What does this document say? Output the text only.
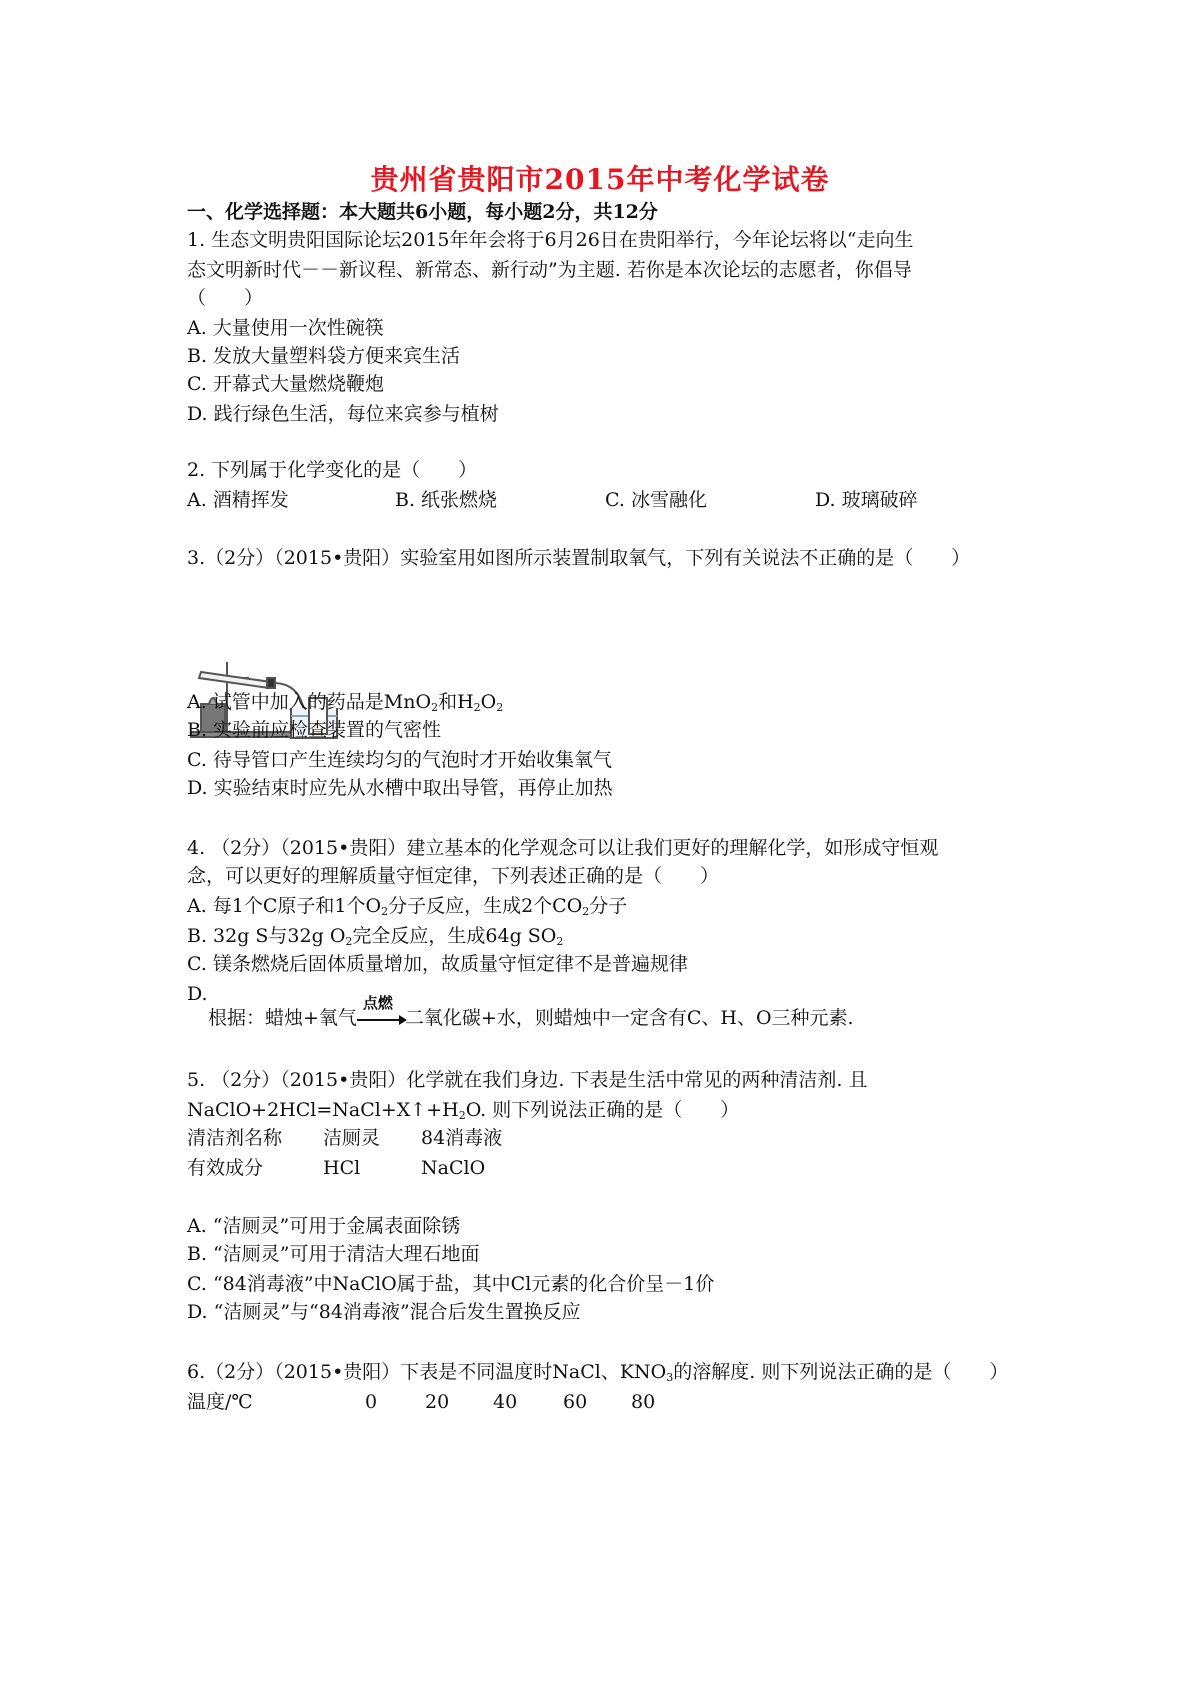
贵州省贵阳市2015年中考化学试卷
一、化学选择题：本大题共6小题，每小题2分，共12分
1. 生态文明贵阳国际论坛2015年年会将于6月26日在贵阳举行，今年论坛将以“走向生
态文明新时代－－新议程、新常态、新行动”为主题. 若你是本次论坛的志愿者，你倡导
（　　）
A. 大量使用一次性碗筷
B. 发放大量塑料袋方便来宾生活
C. 开幕式大量燃烧鞭炮
D. 践行绿色生活，每位来宾参与植树
2. 下列属于化学变化的是（　　）
A. 酒精挥发	B. 纸张燃烧	C. 冰雪融化	D. 玻璃破碎
3.（2分）（2015•贵阳）实验室用如图所示装置制取氧气，下列有关说法不正确的是（　　）
A. 试管中加入的药品是MnO$_2$和$H_2O_2$
B. 实验前应检查装置的气密性
C. 待导管口产生连续均匀的气泡时才开始收集氧气
D. 实验结束时应先从水槽中取出导管，再停止加热
4. （2分）（2015•贵阳）建立基本的化学观念可以让我们更好的理解化学，如形成守恒观
念，可以更好的理解质量守恒定律，下列表述正确的是（　　）
A. 每1个C原子和1个$O_2$分子反应，生成2个$CO_2$分子
B. 32g S与32g $O_2$完全反应，生成64g $SO_2$
C. 镁条燃烧后固体质量增加，故质量守恒定律不是普遍规律
D.
根据：蜡烛+氧气
点燃
二氧化碳+水，则蜡烛中一定含有C、H、O三种元素.
5. （2分）（2015•贵阳）化学就在我们身边. 下表是生活中常见的两种清洁剂. 且
$NaClO+2HCl=NaCl+X↑+H_2O$. 则下列说法正确的是（　　）
清洁剂名称 洁厕灵 84消毒液
有效成分	HCl	NaClO
A. “洁厕灵”可用于金属表面除锈
B. “洁厕灵”可用于清洁大理石地面
C. “84消毒液”中NaClO属于盐，其中Cl元素的化合价呈－1价
D. “洁厕灵”与“84消毒液”混合后发生置换反应
6.（2分）（2015•贵阳）下表是不同温度时NaCl、$KNO_3$的溶解度. 则下列说法正确的是（　　）
温度/℃	0	20 40 60 80
